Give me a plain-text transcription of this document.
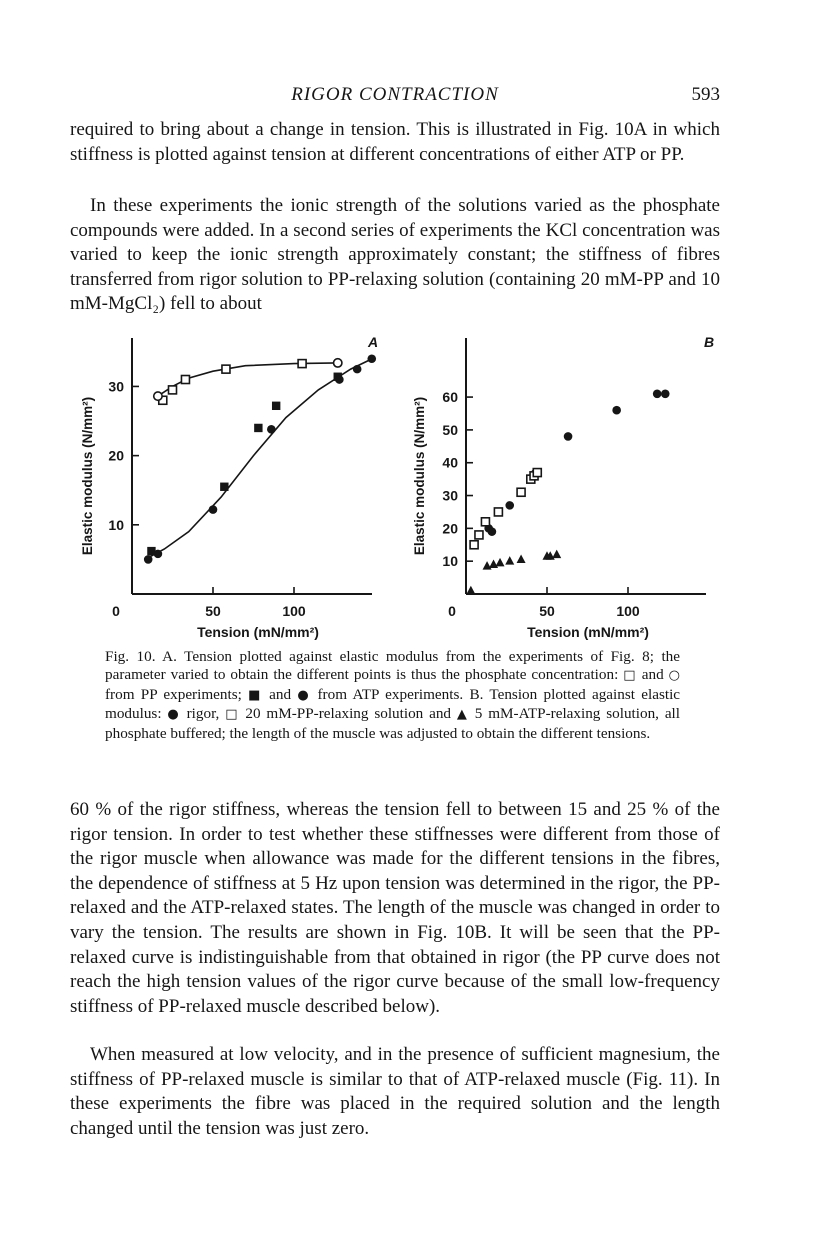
RIGOR CONTRACTION	593

required to bring about a change in tension. This is illustrated in Fig. 10A in which stiffness is plotted against tension at different concentrations of either ATP or PP.

In these experiments the ionic strength of the solutions varied as the phosphate compounds were added. In a second series of experiments the KCl concentration was varied to keep the ionic strength approximately constant; the stiffness of fibres transferred from rigor solution to PP-relaxing solution (containing 20 mM-PP and 10 mM-MgCl₂) fell to about

A
0	50	100
10
20
30
Tension (mN/mm²)
Elastic modulus (N/mm²)
B
0	50	100
10
20
30
40
50
60
Tension (mN/mm²)
Elastic modulus (N/mm²)

Fig. 10. A. Tension plotted against elastic modulus from the experiments of Fig. 8; the parameter varied to obtain the different points is thus the phosphate concentration: □ and ○ from PP experiments; ■ and ● from ATP experiments. B. Tension plotted against elastic modulus: ● rigor, □ 20 mM-PP-relaxing solution and ▲ 5 mM-ATP-relaxing solution, all phosphate buffered; the length of the muscle was adjusted to obtain the different tensions.

60 % of the rigor stiffness, whereas the tension fell to between 15 and 25 % of the rigor tension. In order to test whether these stiffnesses were different from those of the rigor muscle when allowance was made for the different tensions in the fibres, the dependence of stiffness at 5 Hz upon tension was determined in the rigor, the PP-relaxed and the ATP-relaxed states. The length of the muscle was changed in order to vary the tension. The results are shown in Fig. 10B. It will be seen that the PP-relaxed curve is indistinguishable from that obtained in rigor (the PP curve does not reach the high tension values of the rigor curve because of the small low-frequency stiffness of PP-relaxed muscle described below).

When measured at low velocity, and in the presence of sufficient magnesium, the stiffness of PP-relaxed muscle is similar to that of ATP-relaxed muscle (Fig. 11). In these experiments the fibre was placed in the required solution and the length changed until the tension was just zero.
